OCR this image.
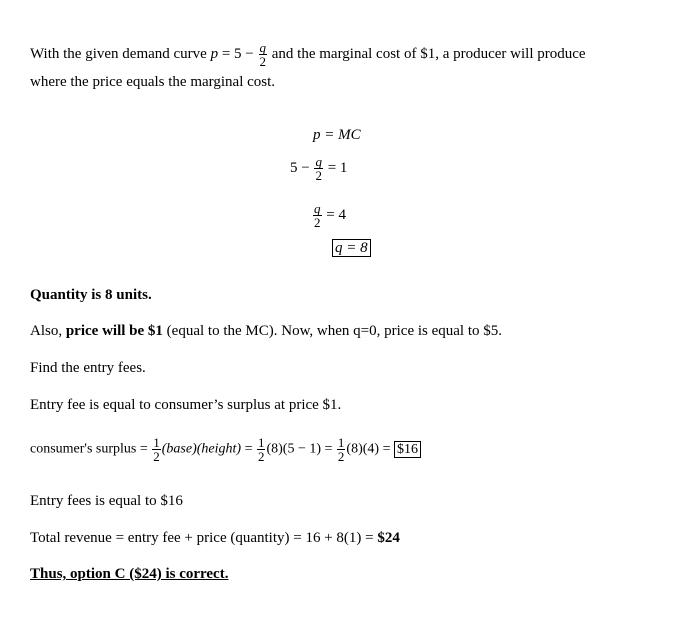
With the given demand curve $p = 5 - \frac{q}{2}$ and the marginal cost of $1, a producer will produce
where the price equals the marginal cost.
p = MC
$5 - \frac{q}{2} = 1$
$\frac{q}{2} = 4$
q = 8
Quantity is 8 units.
Also, price will be $1 (equal to the MC). Now, when q=0, price is equal to $5.
Find the entry fees.
Entry fee is equal to consumer’s surplus at price $1.
consumer's surplus = $\frac{1}{2}$ (base)(height) = $\frac{1}{2} (8)(5 - 1) = \frac{1}{2} (8)(4)$ = $16
Entry fees is equal to $16
Total revenue = entry fee + price (quantity) = 16 + 8(1) = $24
Thus, option C ($24) is correct.
